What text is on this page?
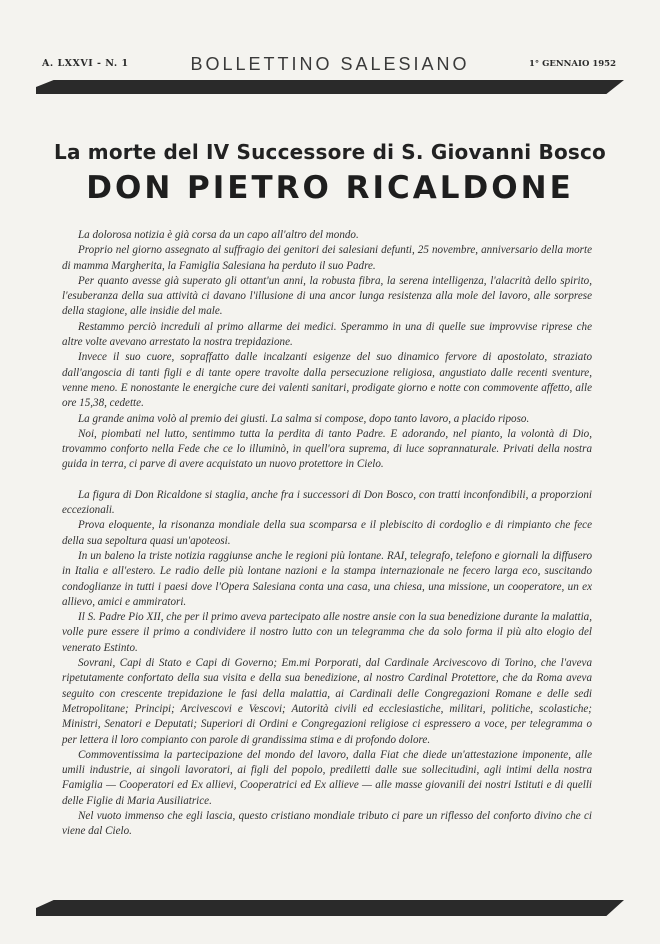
A. LXXVI - N. 1	BOLLETTINO SALESIANO	1° GENNAIO 1952
La morte del IV Successore di S. Giovanni Bosco
DON PIETRO RICALDONE

La dolorosa notizia è già corsa da un capo all'altro del mondo.

Proprio nel giorno assegnato al suffragio dei genitori dei salesiani defunti, 25 novembre, anniversario della morte di mamma Margherita, la Famiglia Salesiana ha perduto il suo Padre.

Per quanto avesse già superato gli ottant'un anni, la robusta fibra, la serena intelligenza, l'alacrità dello spirito, l'esuberanza della sua attività ci davano l'illusione di una ancor lunga resistenza alla mole del lavoro, alle sorprese della stagione, alle insidie del male.

Restammo perciò increduli al primo allarme dei medici. Sperammo in una di quelle sue improvvise riprese che altre volte avevano arrestato la nostra trepidazione.

Invece il suo cuore, sopraffatto dalle incalzanti esigenze del suo dinamico fervore di apostolato, straziato dall'angoscia di tanti figli e di tante opere travolte dalla persecuzione religiosa, angustiato dalle recenti sventure, venne meno. E nonostante le energiche cure dei valenti sanitari, prodigate giorno e notte con commovente affetto, alle ore 15,38, cedette.

La grande anima volò al premio dei giusti. La salma si compose, dopo tanto lavoro, a placido riposo.

Noi, piombati nel lutto, sentimmo tutta la perdita di tanto Padre. E adorando, nel pianto, la volontà di Dio, trovammo conforto nella Fede che ce lo illuminò, in quell'ora suprema, di luce soprannaturale. Privati della nostra guida in terra, ci parve di avere acquistato un nuovo protettore in Cielo.

La figura di Don Ricaldone si staglia, anche fra i successori di Don Bosco, con tratti inconfondibili, a proporzioni eccezionali.

Prova eloquente, la risonanza mondiale della sua scomparsa e il plebiscito di cordoglio e di rimpianto che fece della sua sepoltura quasi un'apoteosi.

In un baleno la triste notizia raggiunse anche le regioni più lontane. RAI, telegrafo, telefono e giornali la diffusero in Italia e all'estero. Le radio delle più lontane nazioni e la stampa internazionale ne fecero larga eco, suscitando condoglianze in tutti i paesi dove l'Opera Salesiana conta una casa, una chiesa, una missione, un cooperatore, un ex allievo, amici e ammiratori.

Il S. Padre Pio XII, che per il primo aveva partecipato alle nostre ansie con la sua benedizione durante la malattia, volle pure essere il primo a condividere il nostro lutto con un telegramma che da solo forma il più alto elogio del venerato Estinto.

Sovrani, Capi di Stato e Capi di Governo; Em.mi Porporati, dal Cardinale Arcivescovo di Torino, che l'aveva ripetutamente confortato della sua visita e della sua benedizione, al nostro Cardinal Protettore, che da Roma aveva seguito con crescente trepidazione le fasi della malattia, ai Cardinali delle Congregazioni Romane e delle sedi Metropolitane; Principi; Arcivescovi e Vescovi; Autorità civili ed ecclesiastiche, militari, politiche, scolastiche; Ministri, Senatori e Deputati; Superiori di Ordini e Congregazioni religiose ci espressero a voce, per telegramma o per lettera il loro compianto con parole di grandissima stima e di profondo dolore.

Commoventissima la partecipazione del mondo del lavoro, dalla Fiat che diede un'attestazione imponente, alle umili industrie, ai singoli lavoratori, ai figli del popolo, prediletti dalle sue sollecitudini, agli intimi della nostra Famiglia — Cooperatori ed Ex allievi, Cooperatrici ed Ex allieve — alle masse giovanili dei nostri Istituti e di quelli delle Figlie di Maria Ausiliatrice.

Nel vuoto immenso che egli lascia, questo cristiano mondiale tributo ci pare un riflesso del conforto divino che ci viene dal Cielo.
